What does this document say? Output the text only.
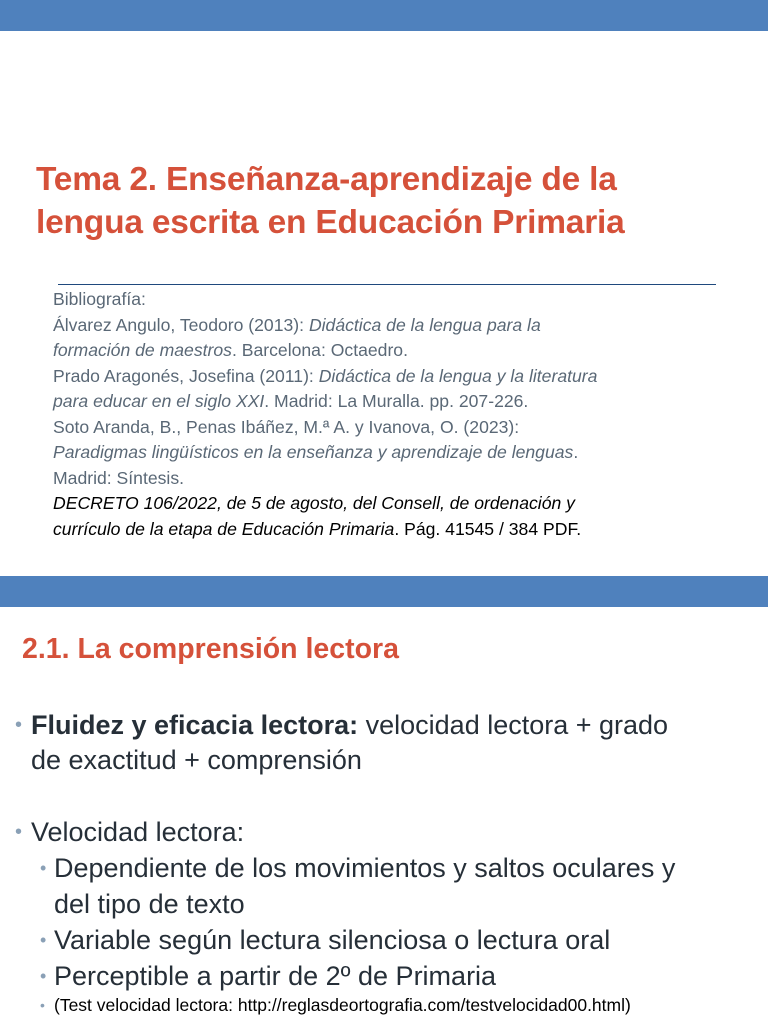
Tema 2. Enseñanza-aprendizaje de la
lengua escrita en Educación Primaria
Bibliografía:
Álvarez Angulo, Teodoro (2013): Didáctica de la lengua para la
formación de maestros. Barcelona: Octaedro.
Prado Aragonés, Josefina (2011): Didáctica de la lengua y la literatura
para educar en el siglo XXI. Madrid: La Muralla. pp. 207-226.
Soto Aranda, B., Penas Ibáñez, M.ª A. y Ivanova, O. (2023):
Paradigmas lingüísticos en la enseñanza y aprendizaje de lenguas.
Madrid: Síntesis.
DECRETO 106/2022, de 5 de agosto, del Consell, de ordenación y
currículo de la etapa de Educación Primaria. Pág. 41545 / 384 PDF.
2.1. La comprensión lectora
• Fluidez y eficacia lectora: velocidad lectora + grado
de exactitud + comprensión
• Velocidad lectora:
• Dependiente de los movimientos y saltos oculares y
del tipo de texto
• Variable según lectura silenciosa o lectura oral
• Perceptible a partir de 2º de Primaria
• (Test velocidad lectora: http://reglasdeortografia.com/testvelocidad00.html)
